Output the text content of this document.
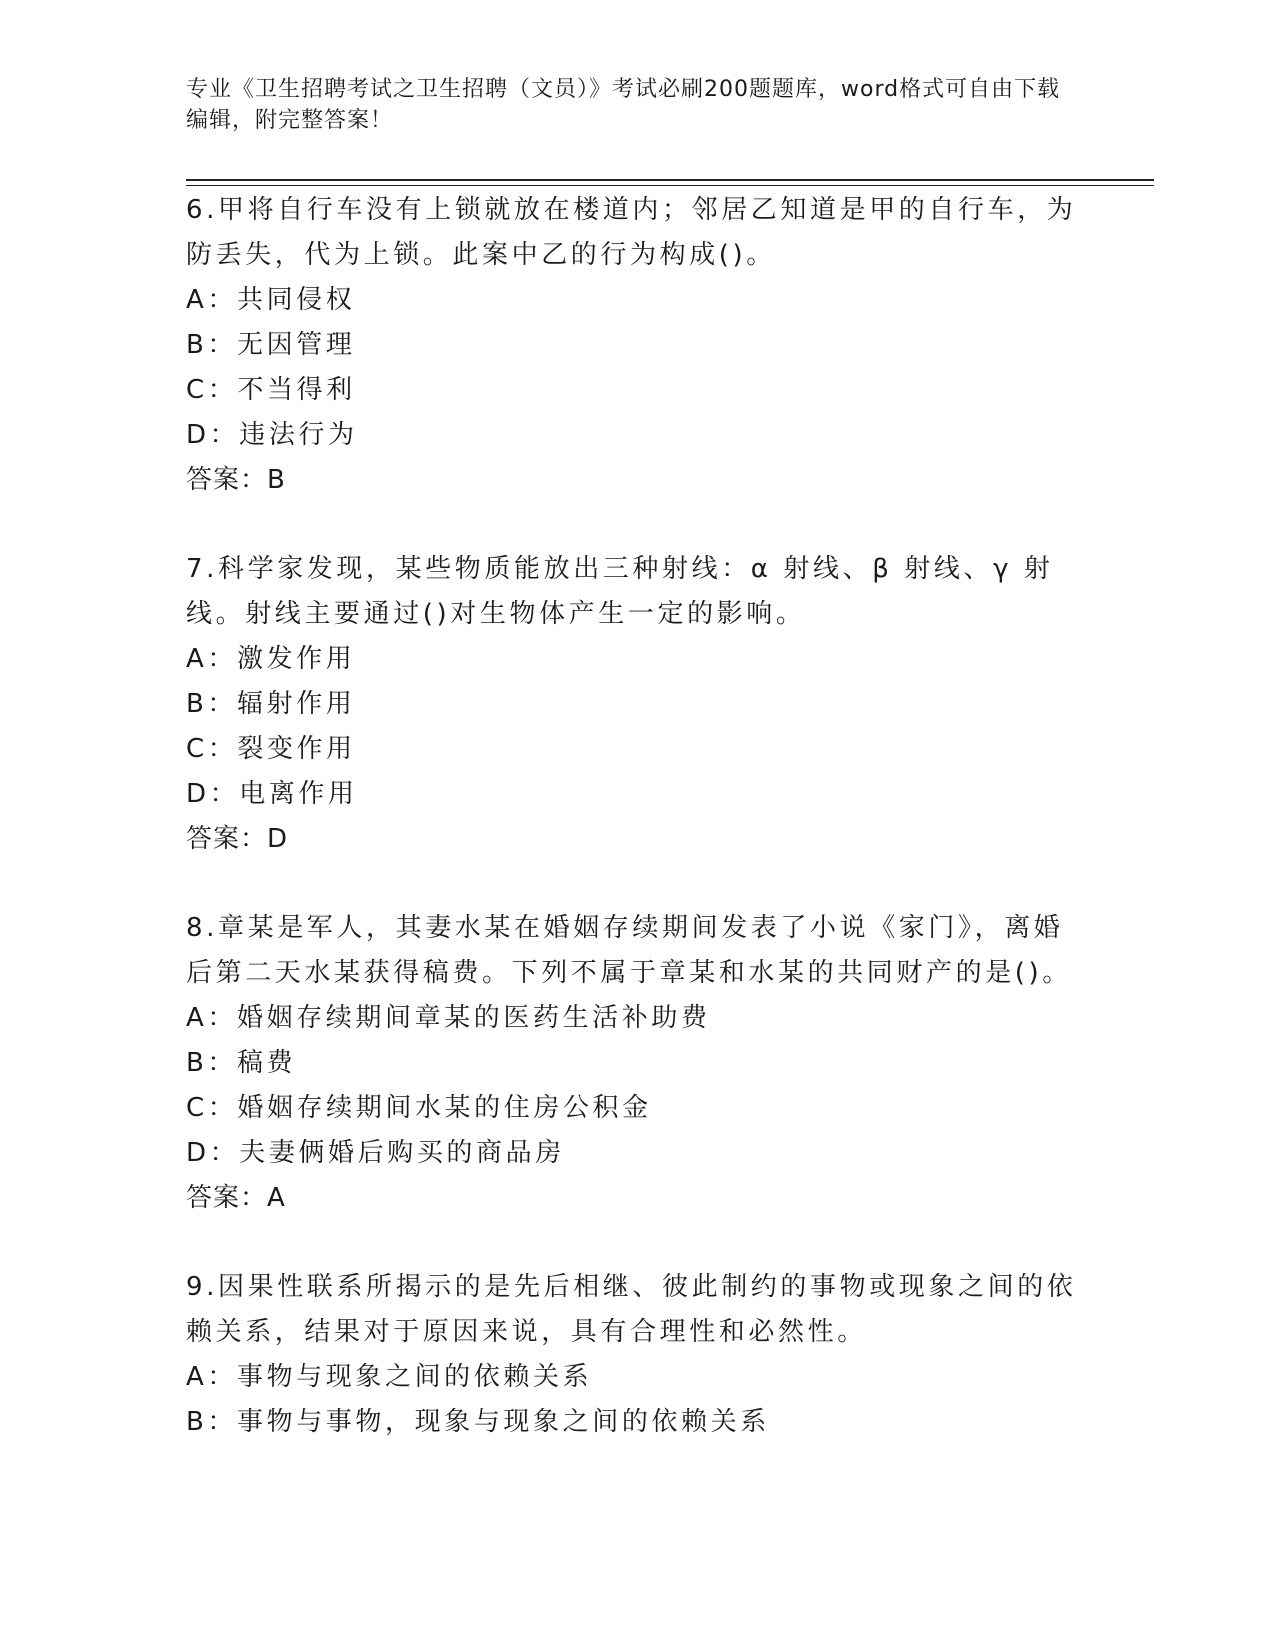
专业《卫生招聘考试之卫生招聘（文员）》考试必刷200题题库，word格式可自由下载编辑，附完整答案！
6.甲将自行车没有上锁就放在楼道内；邻居乙知道是甲的自行车，为防丢失，代为上锁。此案中乙的行为构成()。
A：共同侵权
B：无因管理
C：不当得利
D：违法行为
答案：B
7.科学家发现，某些物质能放出三种射线：α 射线、β 射线、γ 射线。射线主要通过()对生物体产生一定的影响。
A：激发作用
B：辐射作用
C：裂变作用
D：电离作用
答案：D
8.章某是军人，其妻水某在婚姻存续期间发表了小说《家门》，离婚后第二天水某获得稿费。下列不属于章某和水某的共同财产的是()。
A：婚姻存续期间章某的医药生活补助费
B：稿费
C：婚姻存续期间水某的住房公积金
D：夫妻俩婚后购买的商品房
答案：A
9.因果性联系所揭示的是先后相继、彼此制约的事物或现象之间的依赖关系，结果对于原因来说，具有合理性和必然性。
A：事物与现象之间的依赖关系
B：事物与事物，现象与现象之间的依赖关系
